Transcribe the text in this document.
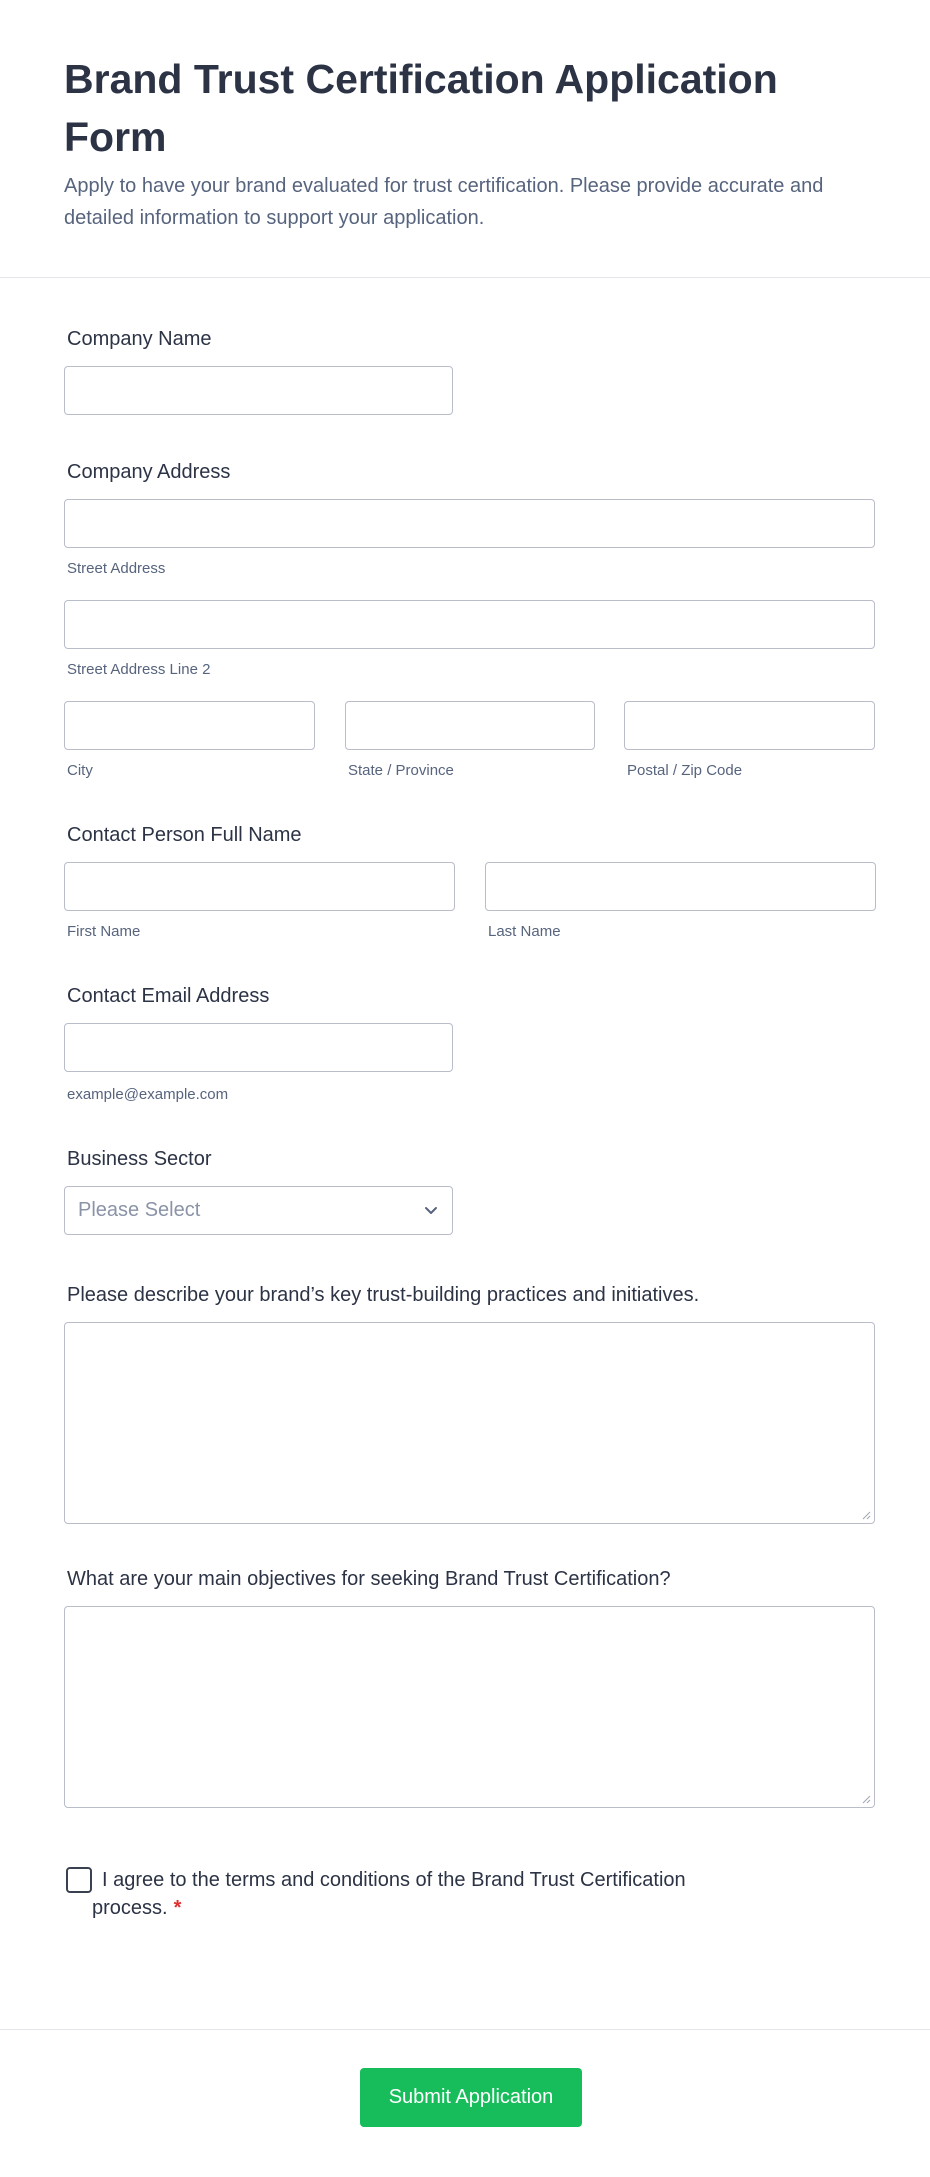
Brand Trust Certification Application Form

Apply to have your brand evaluated for trust certification. Please provide accurate and detailed information to support your application.

Company Name
Company Address
Street Address
Street Address Line 2
City	State / Province	Postal / Zip Code
Contact Person Full Name
First Name	Last Name
Contact Email Address
example@example.com
Business Sector
Please Select
Please describe your brand’s key trust-building practices and initiatives.
What are your main objectives for seeking Brand Trust Certification?
I agree to the terms and conditions of the Brand Trust Certification process. *
Submit Application
